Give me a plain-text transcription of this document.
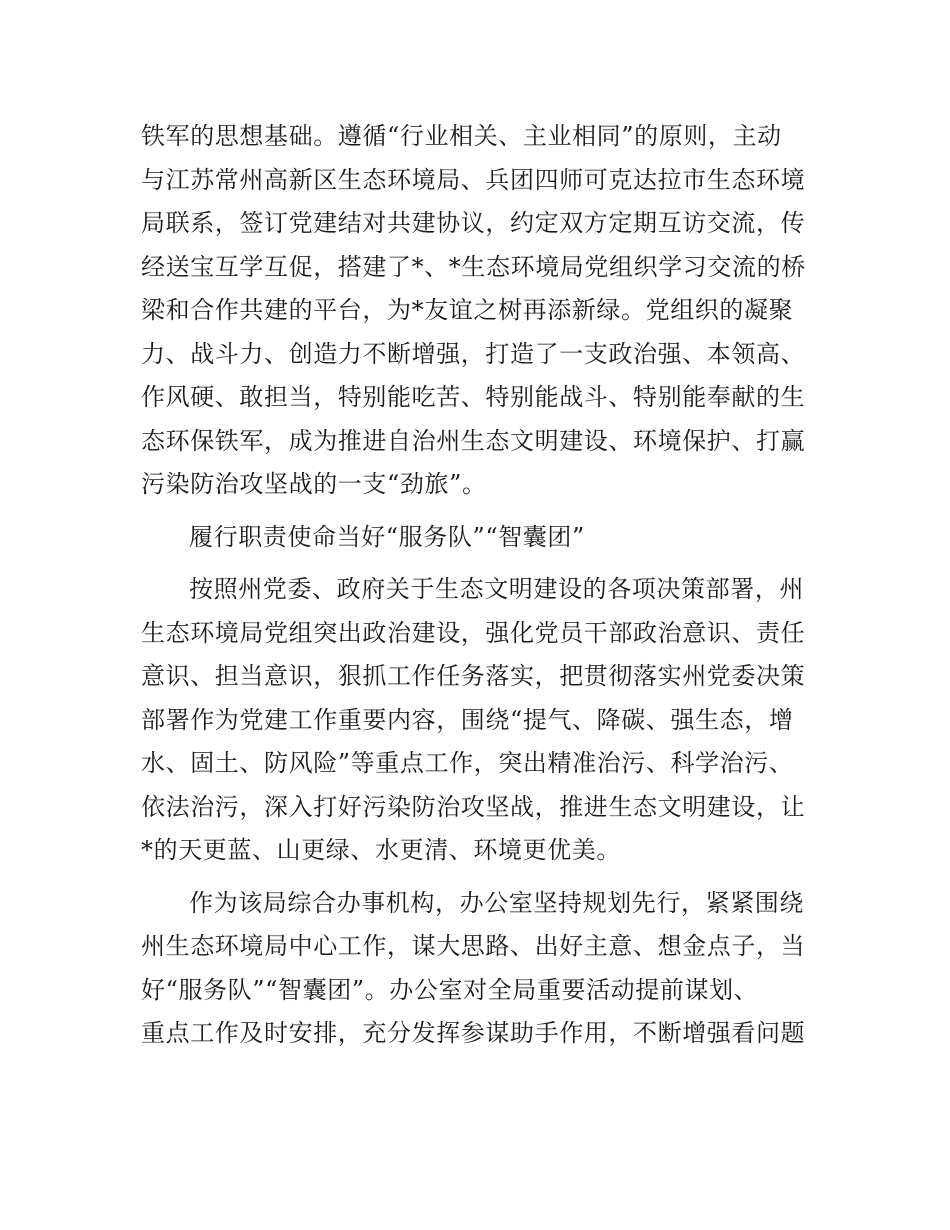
铁军的思想基础。遵循“行业相关、主业相同”的原则，主动
与江苏常州高新区生态环境局、兵团四师可克达拉市生态环境
局联系，签订党建结对共建协议，约定双方定期互访交流，传
经送宝互学互促，搭建了*、*生态环境局党组织学习交流的桥
梁和合作共建的平台，为*友谊之树再添新绿。党组织的凝聚
力、战斗力、创造力不断增强，打造了一支政治强、本领高、
作风硬、敢担当，特别能吃苦、特别能战斗、特别能奉献的生
态环保铁军，成为推进自治州生态文明建设、环境保护、打赢
污染防治攻坚战的一支“劲旅”。

履行职责使命当好“服务队”“智囊团”

按照州党委、政府关于生态文明建设的各项决策部署，州
生态环境局党组突出政治建设，强化党员干部政治意识、责任
意识、担当意识，狠抓工作任务落实，把贯彻落实州党委决策
部署作为党建工作重要内容，围绕“提气、降碳、强生态，增
水、固土、防风险”等重点工作，突出精准治污、科学治污、
依法治污，深入打好污染防治攻坚战，推进生态文明建设，让
*的天更蓝、山更绿、水更清、环境更优美。

作为该局综合办事机构，办公室坚持规划先行，紧紧围绕
州生态环境局中心工作，谋大思路、出好主意、想金点子，当
好“服务队”“智囊团”。办公室对全局重要活动提前谋划、
重点工作及时安排，充分发挥参谋助手作用，不断增强看问题
